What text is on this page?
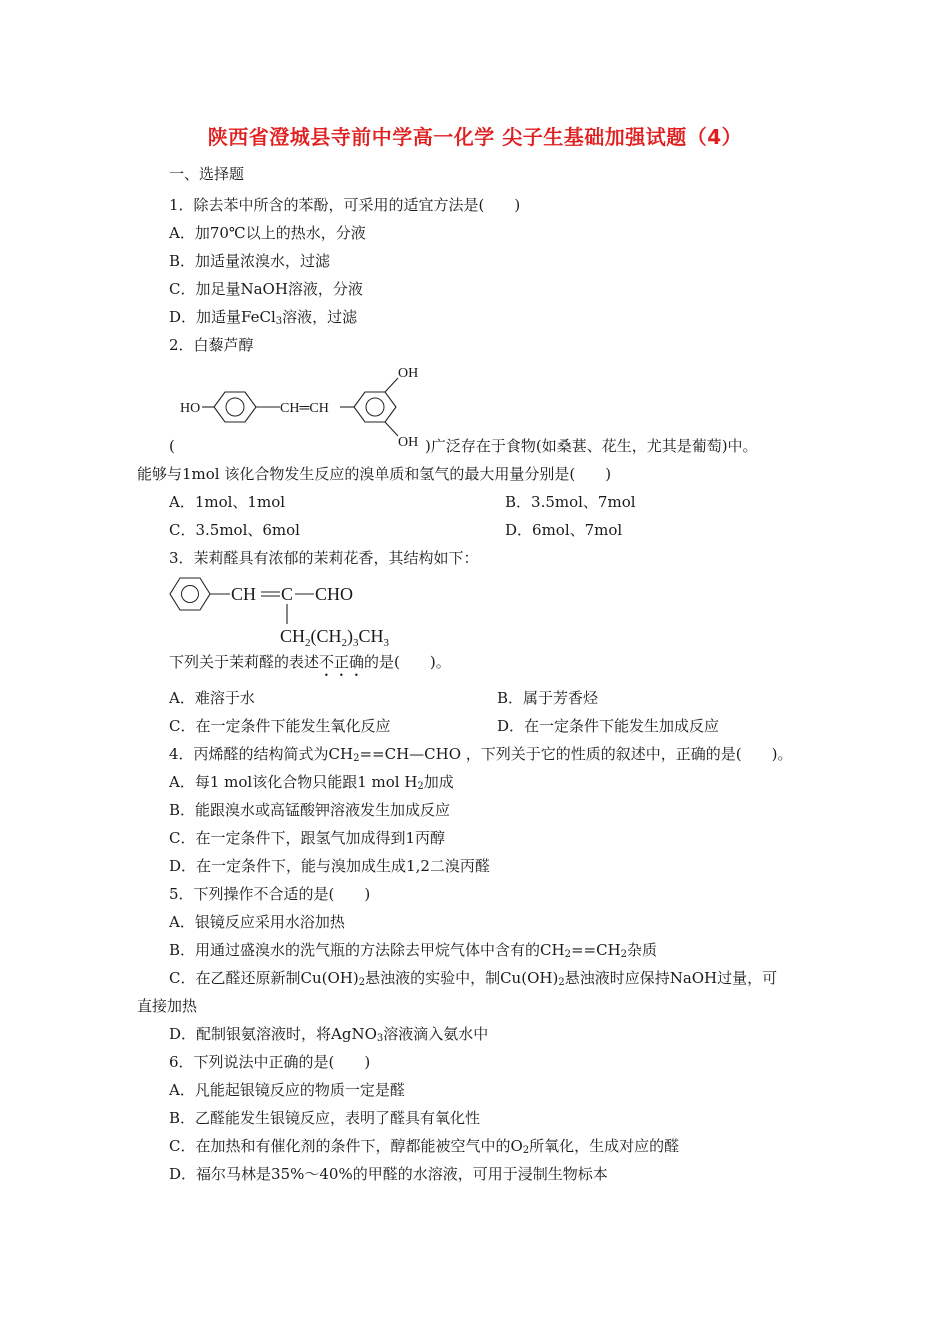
陕西省澄城县寺前中学高一化学 尖子生基础加强试题（4）
一、选择题
1．除去苯中所含的苯酚，可采用的适宜方法是(　　)
A．加70℃以上的热水，分液
B．加适量浓溴水，过滤
C．加足量NaOH溶液，分液
D．加适量FeCl$_3$溶液，过滤
2．白藜芦醇
HO	CH═CH
OH
OH
(	)广泛存在于食物(如桑葚、花生，尤其是葡萄)中。
能够与1mol 该化合物发生反应的溴单质和氢气的最大用量分别是(　　)
A．1mol、1mol	B．3.5mol、7mol
C．3.5mol、6mol	D．6mol、7mol
3．茉莉醛具有浓郁的茉莉花香，其结构如下：
CH C CHO
$CH_2(CH_2)_3CH_3$
下列关于茉莉醛的表述不正确的是(　　)。
A．难溶于水	B．属于芳香烃
C．在一定条件下能发生氧化反应	D．在一定条件下能发生加成反应
4．丙烯醛的结构简式为$CH_2==CH—CHO$ ，下列关于它的性质的叙述中，正确的是(　　)。
A．每1 mol该化合物只能跟1 mol $H_2$加成
B．能跟溴水或高锰酸钾溶液发生加成反应
C．在一定条件下，跟氢气加成得到1丙醇
D．在一定条件下，能与溴加成生成1,2二溴丙醛
5．下列操作不合适的是(　　)
A．银镜反应采用水浴加热
B．用通过盛溴水的洗气瓶的方法除去甲烷气体中含有的$CH_2==CH_2$杂质
C．在乙醛还原新制$Cu(OH)_2$悬浊液的实验中，制$Cu(OH)_2$悬浊液时应保持NaOH过量，可
直接加热
D．配制银氨溶液时，将AgNO$_3$溶液滴入氨水中
6．下列说法中正确的是(　　)
A．凡能起银镜反应的物质一定是醛
B．乙醛能发生银镜反应，表明了醛具有氧化性
C．在加热和有催化剂的条件下，醇都能被空气中的$O_2$所氧化，生成对应的醛
D．福尔马林是35%～40%的甲醛的水溶液，可用于浸制生物标本
